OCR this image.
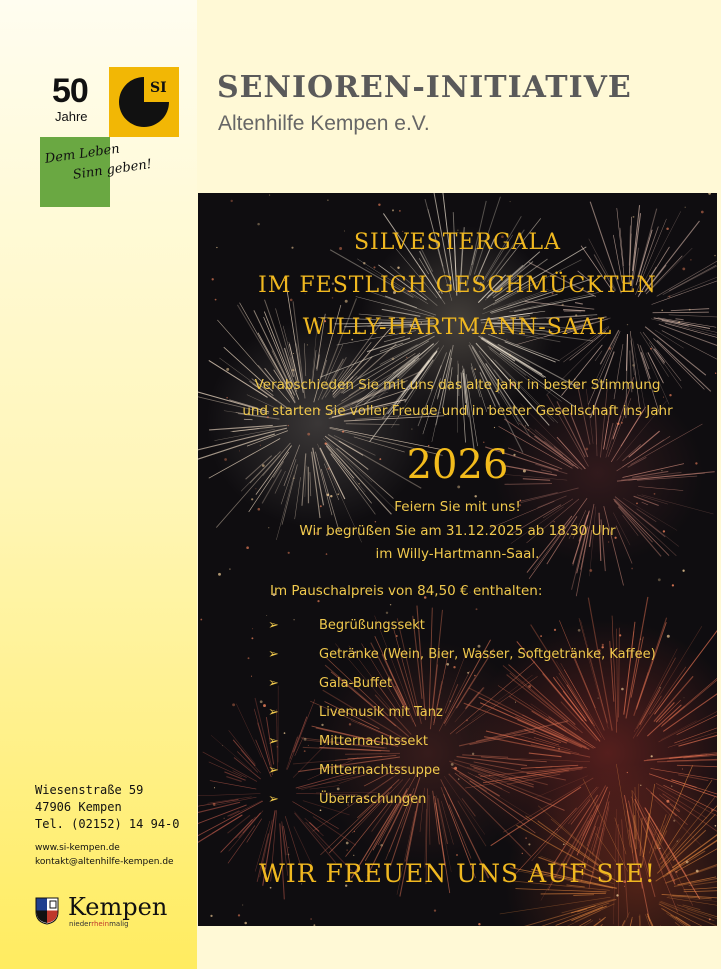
50
Jahre
SI
Dem Leben
Sinn geben!
SENIOREN-INITIATIVE
Altenhilfe Kempen e.V.
SILVESTERGALA
IM FESTLICH GESCHMÜCKTEN
WILLY-HARTMANN-SAAL
Verabschieden Sie mit uns das alte Jahr in bester Stimmung
und starten Sie voller Freude und in bester Gesellschaft ins Jahr
2026
Feiern Sie mit uns!
Wir begrüßen Sie am 31.12.2025 ab 18.30 Uhr
im Willy-Hartmann-Saal.
Im Pauschalpreis von 84,50 € enthalten:
➢	Begrüßungssekt
➢	Getränke (Wein, Bier, Wasser, Softgetränke, Kaffee)
➢	Gala-Buffet
➢	Livemusik mit Tanz
➢	Mitternachtssekt
➢	Mitternachtssuppe
➢	Überraschungen
WIR FREUEN UNS AUF SIE!
Wiesenstraße 59
47906 Kempen
Tel. (02152) 14 94-0
www.si-kempen.de
kontakt@altenhilfe-kempen.de
Kempen
niederrheinmalig
